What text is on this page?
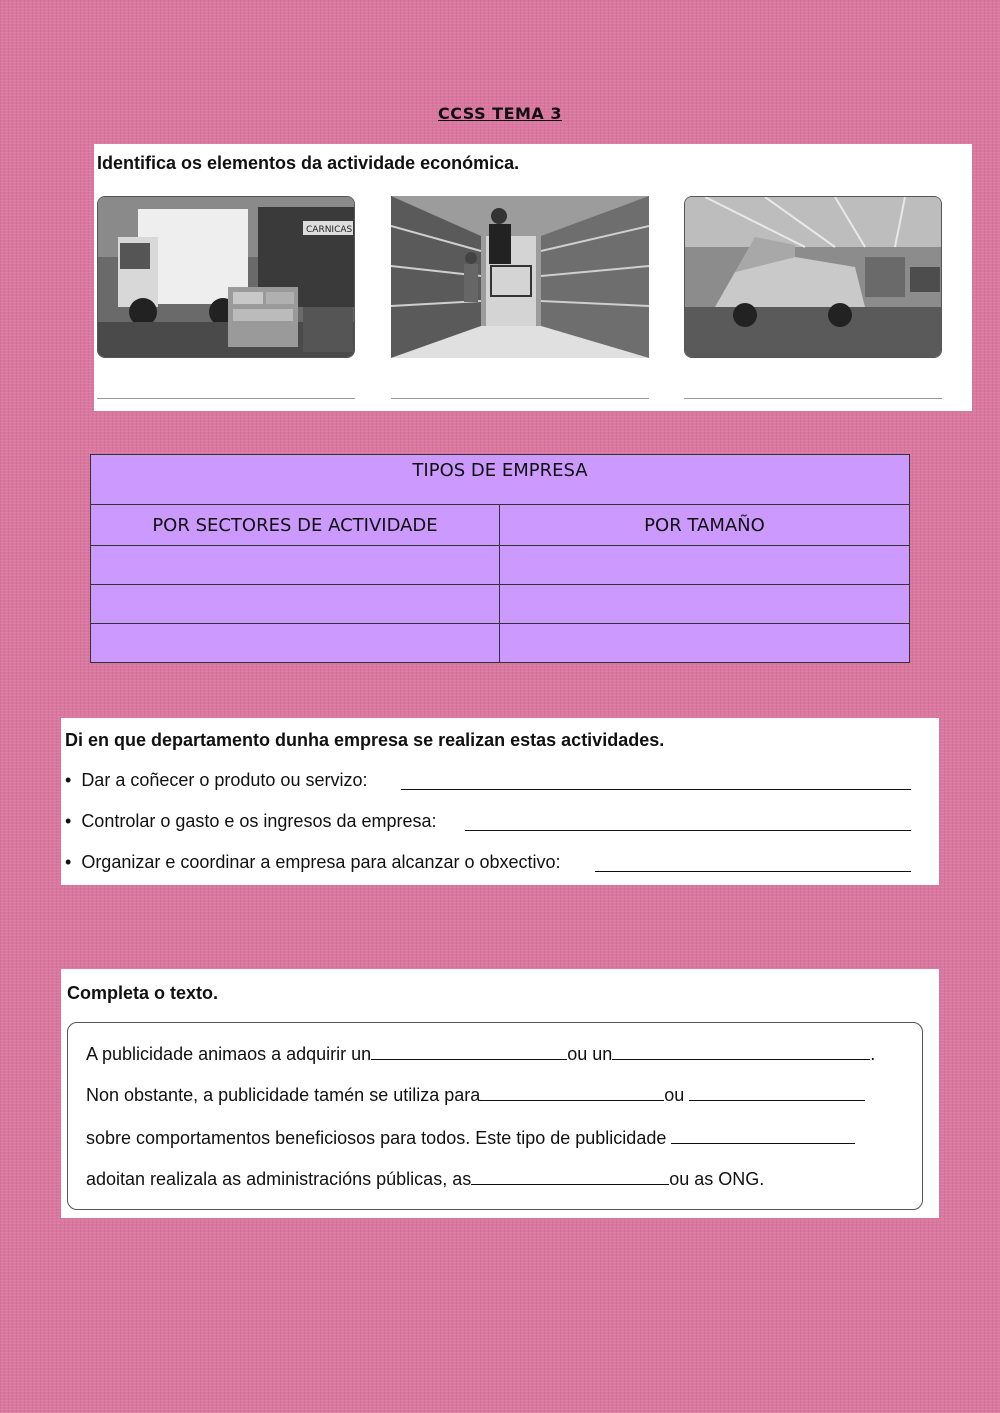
CCSS TEMA 3
Identifica os elementos da actividade económica.
CARNICAS
TIPOS DE EMPRESA	
POR SECTORES DE ACTIVIDADE	POR TAMAÑO

Di en que departamento dunha empresa se realizan estas actividades.
•  Dar a coñecer o produto ou servizo:
•  Controlar o gasto e os ingresos da empresa:
•  Organizar e coordinar a empresa para alcanzar o obxectivo:
Completa o texto.
A publicidade animaos a adquirir un	ou un	.
Non obstante, a publicidade tamén se utiliza para	ou
sobre comportamentos beneficiosos para todos. Este tipo de publicidade
adoitan realizala as administracións públicas, as	ou as ONG.
